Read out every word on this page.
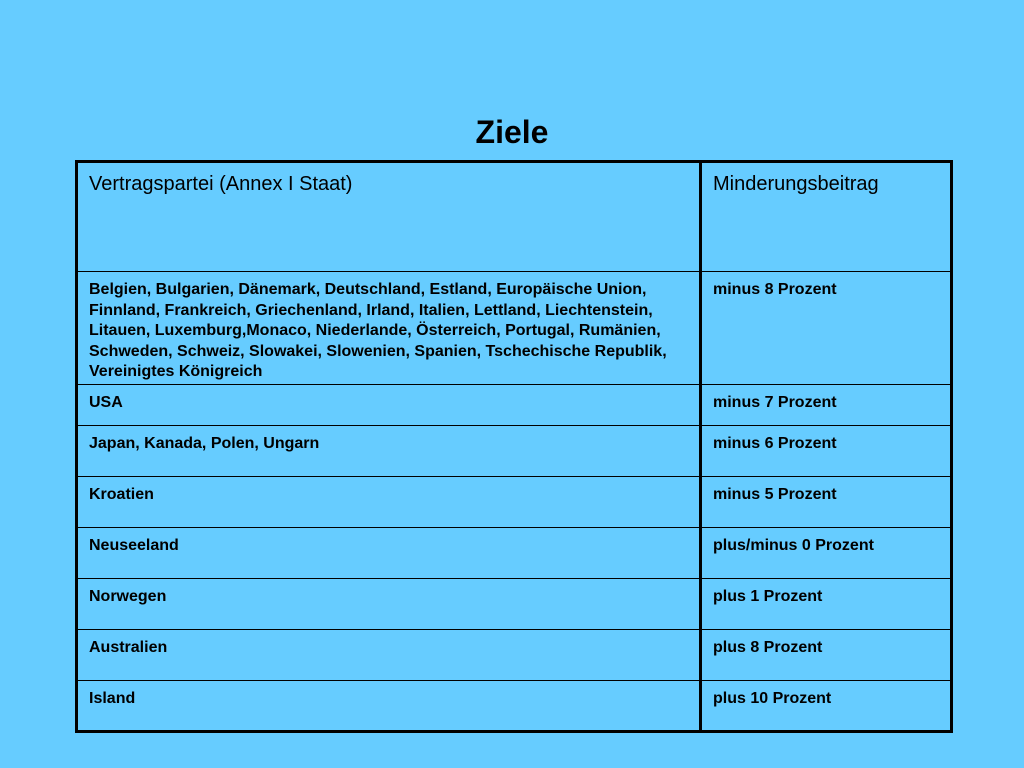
Ziele
Vertragspartei (Annex I Staat)	Minderungsbeitrag
Belgien, Bulgarien, Dänemark, Deutschland, Estland, Europäische Union, Finnland, Frankreich, Griechenland, Irland, Italien, Lettland, Liechtenstein, Litauen, Luxemburg,Monaco, Niederlande, Österreich, Portugal, Rumänien, Schweden, Schweiz, Slowakei, Slowenien, Spanien, Tschechische Republik, Vereinigtes Königreich	minus 8 Prozent
USA	minus 7 Prozent
Japan, Kanada, Polen, Ungarn	minus 6 Prozent
Kroatien	minus 5 Prozent
Neuseeland	plus/minus 0 Prozent
Norwegen	plus 1 Prozent
Australien	plus 8 Prozent
Island	plus 10 Prozent
